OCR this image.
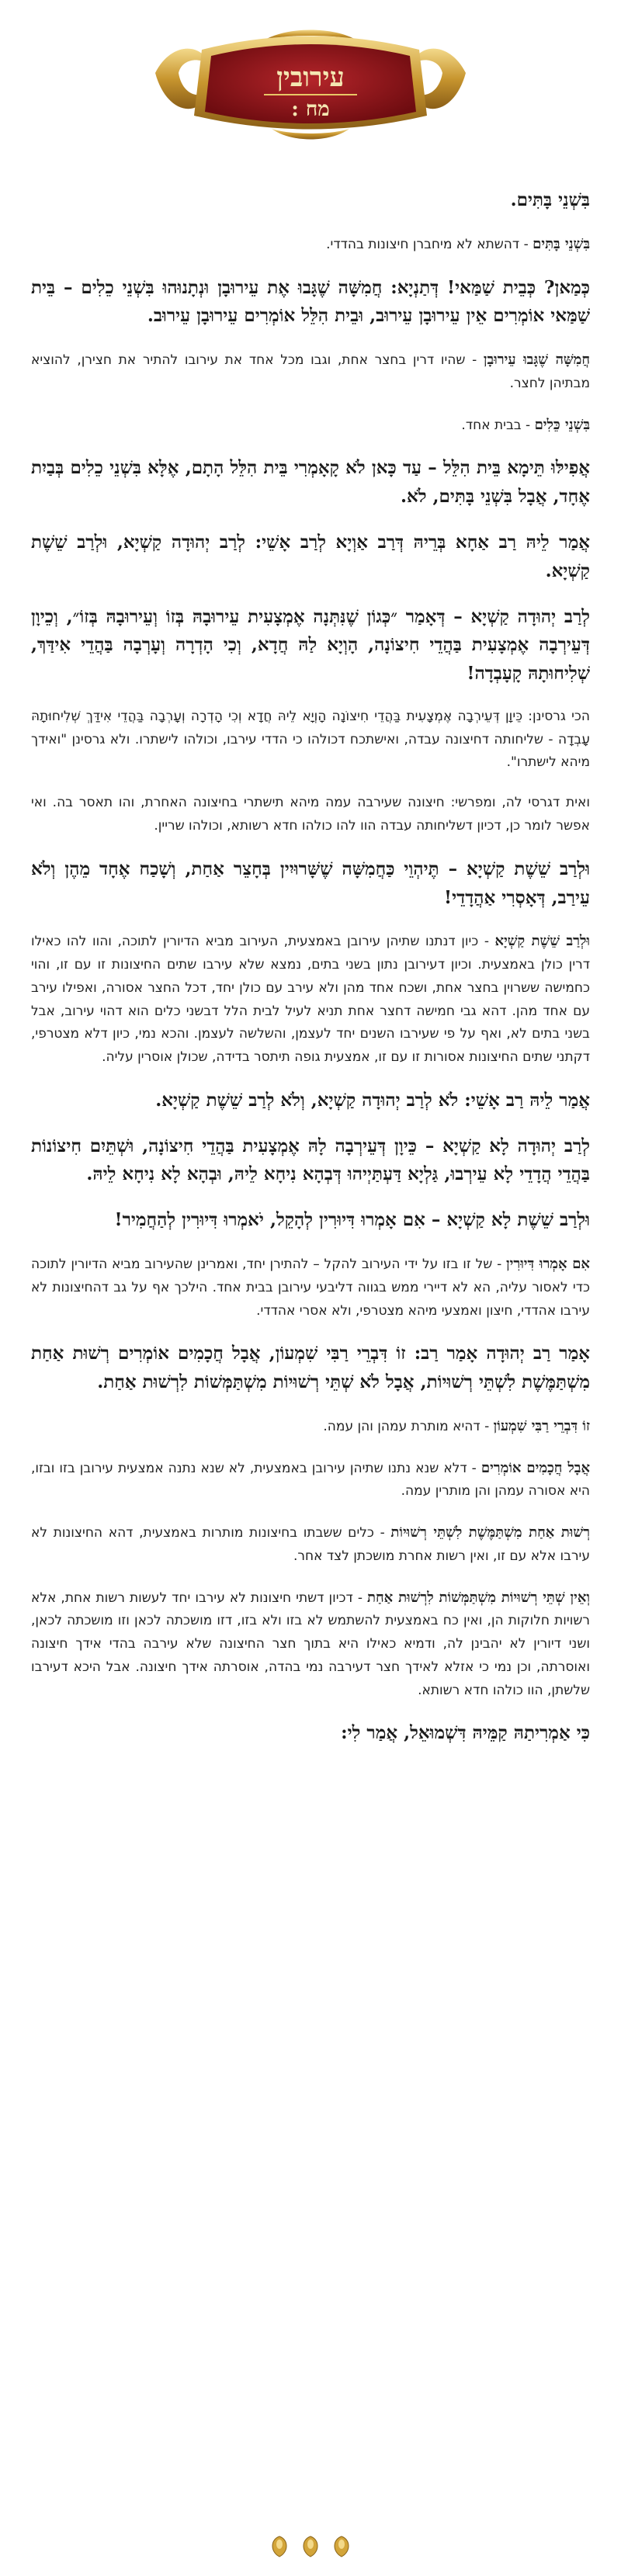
עירובין
מח :

בִּשְׁנֵי בָּתִּים.

בִּשְׁנֵי בָּתִּים - דהשתא לא מיחברן חיצונות בהדדי.

כְּמַאן? כְּבֵית שַׁמַּאי! דְּתַנְיָא: חֲמִשָּׁה שֶׁגָּבוּ אֶת עֵירוּבָן וּנְתָנוּהוּ בִּשְׁנֵי כֵלִים – בֵּית שַׁמַּאי אוֹמְרִים אֵין עֵירוּבָן עֵירוּב, וּבֵית הִלֵּל אוֹמְרִים עֵירוּבָן עֵירוּב.

חֲמִשָּׁה שֶׁגָּבוּ עֵירוּבָן - שהיו דרין בחצר אחת, וגבו מכל אחד את עירובו להתיר את חצירן, להוציא מבתיהן לחצר.

בִּשְׁנֵי כֵּלִים - בבית אחד.

אֲפִילּוּ תֵּימָא בֵּית הִלֵּל – עַד כָּאן לֹא קָאָמְרִי בֵּית הִלֵּל הָתָם, אֶלָּא בִּשְׁנֵי כֵלִים בְּבַיִת אֶחָד, אֲבָל בִּשְׁנֵי בָּתִּים, לֹא.

אֲמַר לֵיהּ רַב אַחָא בְּרֵיהּ דְּרַב אַוְיָא לְרַב אָשֵׁי: לְרַב יְהוּדָה קַשְׁיָא, וּלְרַב שֵׁשֶׁת קַשְׁיָא.

לְרַב יְהוּדָה קַשְׁיָא – דְּאָמַר ״כְּגוֹן שֶׁנִּתְּנָה אֶמְצָעִית עֵירוּבָהּ בְּזוֹ וְעֵירוּבָהּ בְּזוֹ״, וְכֵיוָן דְּעֵירְבָה אֶמְצָעִית בַּהֲדֵי חִיצוֹנָה, הָוְיָא לַהּ חֲדָא, וְכִי הָדְרָה וְעָרְבָה בַּהֲדֵי אִידַּךְ, שְׁלִיחוּתָהּ קָעָבְדָה!

הכי גרסינן: כֵּיוָן דְּעֵירְבָה אֶמְצָעִית בַּהֲדֵי חִיצוֹנָה הָוְיָא לֵיהּ חֲדָא וְכִי הָדְרָה וְעָרְבָה בַּהֲדֵי אִידַּךְ שְׁלִיחוּתָהּ עָבְדָה - שליחותה דחיצונה עבדה, ואישתכח דכולהו כי הדדי עירבו, וכולהו לישתרו. ולא גרסינן "ואידך מיהא לישתרו".

ואית דגרסי לה, ומפרשי: חיצונה שעירבה עמה מיהא תישתרי בחיצונה האחרת, והו תאסר בה. ואי אפשר לומר כן, דכיון דשליחותה עבדה הוו להו כולהו חדא רשותא, וכולהו שריין.

וּלְרַב שֵׁשֶׁת קַשְׁיָא – תֶּיהְוֵי כַּחֲמִשָּׁה שֶׁשָּׁרוּיִין בְּחָצֵר אַחַת, וְשָׁכַח אֶחָד מֵהֶן וְלֹא עֵירַב, דְּאָסְרִי אַהֲדָדֵי!

וּלְרַב שֵׁשֶׁת קַשְׁיָא - כיון דנתנו שתיהן עירובן באמצעית, העירוב מביא הדיורין לתוכה, והוו להו כאילו דרין כולן באמצעית. וכיון דעירובן נתון בשני בתים, נמצא שלא עירבו שתים החיצונות זו עם זו, והוי כחמישה ששרוין בחצר אחת, ושכח אחד מהן ולא עירב עם כולן יחד, דכל החצר אסורה, ואפילו עירב עם אחד מהן. דהא גבי חמישה דחצר אחת תניא לעיל לבית הלל דבשני כלים הוא דהוי עירוב, אבל בשני בתים לא, ואף על פי שעירבו השנים יחד לעצמן, והשלשה לעצמן. והכא נמי, כיון דלא מצטרפי, דקתני שתים החיצונות אסורות זו עם זו, אמצעית גופה תיתסר בדידה, שכולן אוסרין עליה.

אֲמַר לֵיהּ רַב אָשֵׁי: לֹא לְרַב יְהוּדָה קַשְׁיָא, וְלֹא לְרַב שֵׁשֶׁת קַשְׁיָא.

לְרַב יְהוּדָה לָא קַשְׁיָא – כֵּיוָן דְּעֵירְבָה לָהּ אֶמְצָעִית בַּהֲדֵי חִיצוֹנָה, וּשְׁתֵּיִם חִיצוֹנוֹת בַּהֲדֵי הֲדָדֵי לָא עֵירְבוּ, גַּלְיָא דַּעְתַּיְיהוּ דְּבְהָא נִיחָא לֵיהּ, וּבְהָא לָא נִיחָא לֵיהּ.

וּלְרַב שֵׁשֶׁת לָא קַשְׁיָא – אִם אָמְרוּ דִּיוּרִין לְהָקֵל, יֹאמְרוּ דִּיוּרִין לְהַחֲמִיר!

אִם אָמְרוּ דִּיוּרִין - של זו בזו על ידי העירוב להקל – להתירן יחד, ואמרינן שהעירוב מביא הדיורין לתוכה כדי לאסור עליה, הא לא דיירי ממש בגווה דליבעי עירובן בבית אחד. הילכך אף על גב דהחיצונות לא עירבו אהדדי, חיצון ואמצעי מיהא מצטרפי, ולא אסרי אהדדי.

אָמַר רַב יְהוּדָה אָמַר רַב: זוֹ דִּבְרֵי רַבִּי שִׁמְעוֹן, אֲבָל חֲכָמִים אוֹמְרִים רְשׁוּת אַחַת מִשְׁתַּמֶּשֶׁת לִשְׁתֵּי רְשׁוּיוֹת, אֲבָל לֹא שְׁתֵּי רְשׁוּיוֹת מִשְׁתַּמְּשׁוֹת לִרְשׁוּת אַחַת.

זוֹ דִּבְרֵי רַבִּי שִׁמְעוֹן - דהיא מותרת עמהן והן עמה.

אֲבָל חֲכָמִים אוֹמְרִים - דלא שנא נתנו שתיהן עירובן באמצעית, לא שנא נתנה אמצעית עירובן בזו ובזו, היא אסורה עמהן והן מותרין עמה.

רְשׁוּת אַחַת מִשְׁתַּמֶּשֶׁת לִשְׁתֵּי רְשׁוּיוֹת - כלים ששבתו בחיצונות מותרות באמצעית, דהא החיצונות לא עירבו אלא עם זו, ואין רשות אחרת מושכתן לצד אחר.

וְאֵין שְׁתֵּי רְשׁוּיוֹת מִשְׁתַּמְּשׁוֹת לִרְשׁוּת אַחַת - דכיון דשתי חיצונות לא עירבו יחד לעשות רשות אחת, אלא רשויות חלוקות הן, ואין כח באמצעית להשתמש לא בזו ולא בזו, דזו מושכתה לכאן וזו מושכתה לכאן, ושני דיורין לא יהבינן לה, ודמיא כאילו היא בתוך חצר החיצונה שלא עירבה בהדי אידך חיצונה ואוסרתה, וכן נמי כי אזלא לאידך חצר דעירבה נמי בהדה, אוסרתה אידך חיצונה. אבל היכא דעירבו שלשתן, הוו כולהו חדא רשותא.

כִּי אַמְרִיתַהּ קַמֵּיהּ דִּשְׁמוּאֵל, אֲמַר לִי:
